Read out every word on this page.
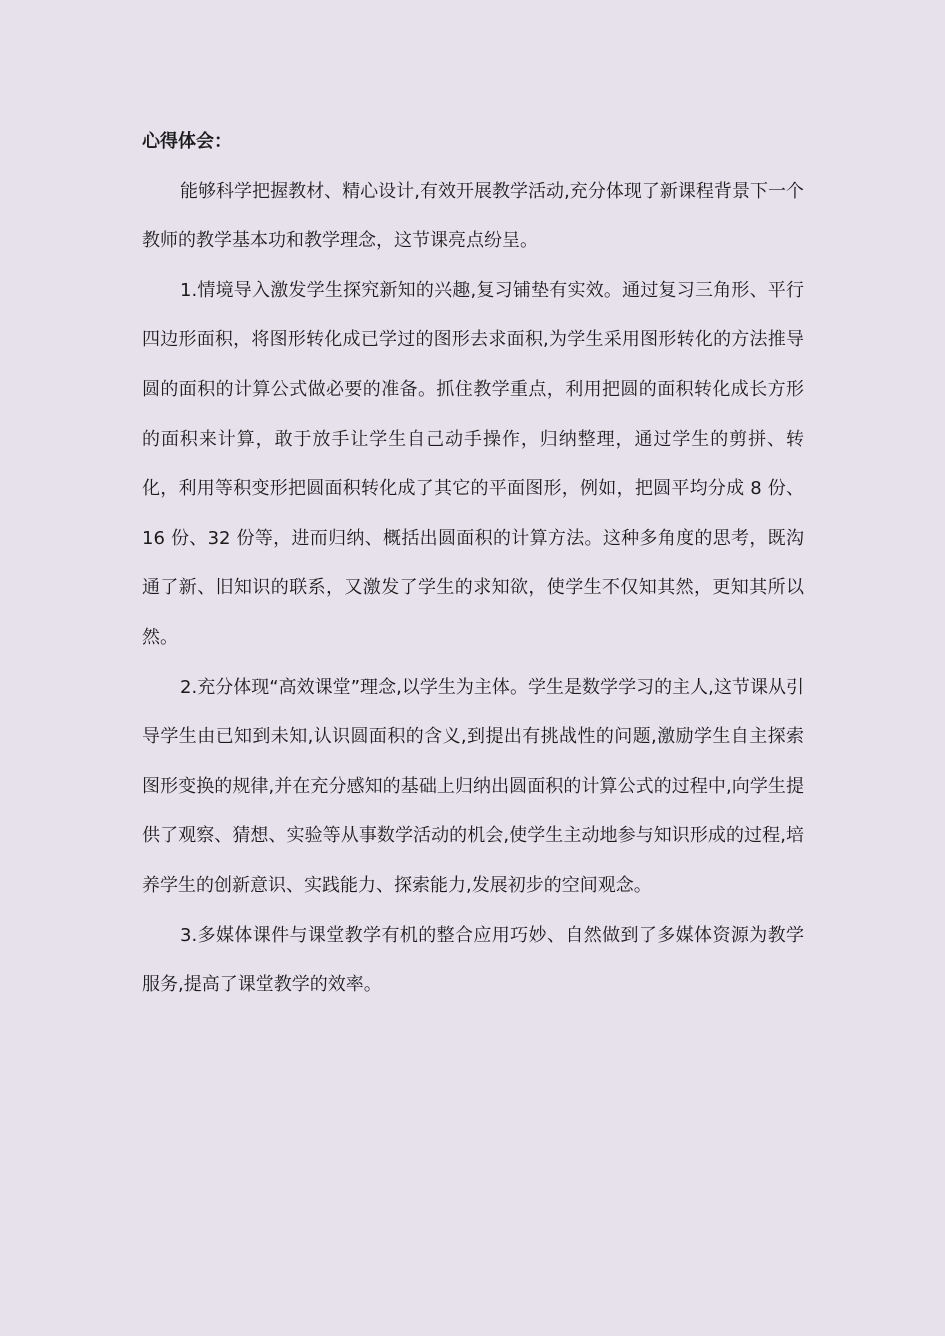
心得体会：

能够科学把握教材、精心设计,有效开展教学活动,充分体现了新课程背景下一个教师的教学基本功和教学理念，这节课亮点纷呈。

1.情境导入激发学生探究新知的兴趣,复习铺垫有实效。通过复习三角形、平行四边形面积，将图形转化成已学过的图形去求面积,为学生采用图形转化的方法推导圆的面积的计算公式做必要的准备。抓住教学重点，利用把圆的面积转化成长方形的面积来计算，敢于放手让学生自己动手操作，归纳整理，通过学生的剪拼、转化，利用等积变形把圆面积转化成了其它的平面图形，例如，把圆平均分成 8 份、16 份、32 份等，进而归纳、概括出圆面积的计算方法。这种多角度的思考，既沟通了新、旧知识的联系，又激发了学生的求知欲，使学生不仅知其然，更知其所以然。

2.充分体现“高效课堂”理念,以学生为主体。学生是数学学习的主人,这节课从引导学生由已知到未知,认识圆面积的含义,到提出有挑战性的问题,激励学生自主探索图形变换的规律,并在充分感知的基础上归纳出圆面积的计算公式的过程中,向学生提供了观察、猜想、实验等从事数学活动的机会,使学生主动地参与知识形成的过程,培养学生的创新意识、实践能力、探索能力,发展初步的空间观念。

3.多媒体课件与课堂教学有机的整合应用巧妙、自然做到了多媒体资源为教学服务,提高了课堂教学的效率。
